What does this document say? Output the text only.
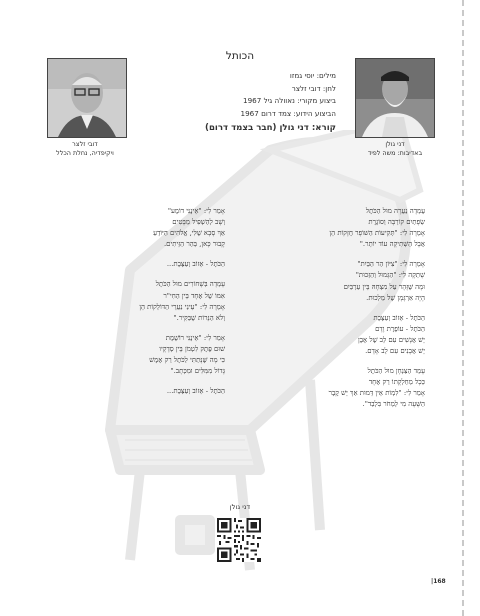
דובי זלצר
ויקיפדיה, נחלת הכלל
דני גולן
באדיבות: משה לפיד
הכותל
מילים: יוסי גמזו
לחן: דובי זלצר
ביצוע מקורי: נאוולה גיל 1967
הביצוע הידוע: צמד דרום 1967
קורא: דני גולן (חבר בצמד דרום)
עֲמְדָה נַעֲרָה מוּל הַכֹּתֶל
שְׂפָתַיִם קוֹרְבָּה וְסוֹגֶרֶת
אָמְרָה לִי: "תְּקִיעוֹת הַשּׁוֹפָר חֲזָקוֹת הֵן
אֲבָל הַשְּׁתִיקָה עוֹד יוֹתֵר."
אָמְרָה לִי: "צִיּוֹן הַר הַבַּיִת"
שָׁתְקָה לִי: "הַגָּמוּל וְהַזְּכוּת"
וּמָה שֶּׁזָּהָר עַל מִצְחָהּ בֵּין עַרְבַּיִם
הָיָה אַרְגָּמָן שֶׁל מַלְכוּת.
הַכֹּתֶל - אֵזוֹב וְעַצֶּבֶת
הַכֹּתֶל - עוֹפֶרֶת וָדָם
יֵשׁ אֲנָשִׁים עִם לֵב שֶׁל אֶבֶן
יֵשׁ אֲבָנִים עִם לֵב אָדָם.
עָמַד הַצַּנְחָן מוּל הַכֹּתֶל
כְּכָל מְחַלְקָתוֹ רַק אֶחָד
אָמַר לִי: "לִמְוֹת אֵין דֵּמוּת אַךְ יֵשׁ קֶבֶר
הַשָּׁעָה מִי לְמְחֹר בִּלְבַד".
אָמַר לִי: "אֵינֶנִּי דוֹמֶע"
וְשָׁב לְהַשְׁפִּיל מַבָּטִים
אַךְ סָבָא שֶׁלִּי, אֱלֹהִים הַיּוֹדֵעַ
קָבוּר כָּאן, בְּהַר הַזֵּיתִים.
הַכֹּתֶל - אֵזוֹב וְעַצֶּבֶת...
עָמְדָה בְּשָׁחוֹרִים מוּל הַכֹּתֶל
אִמּוֹ שֶׁל אֶחָד בֵּין הַחִי"ר
אָמְרָה לִי: "עֵינַי נַעֲרֵי הַדּוֹלְקוֹת הֵן
וְלֹא הַנֵּרוֹת שֶׁבַּקִּיר."
אָמַר לִי: "אֵינֶנִּי רוֹשֶׁמֶת
שׁוּם פֶּתֶק לִטְמֹן בֵּין סְדָקָיו
כִּי מָה שֶּׁנָּתַתִּי לַכֹּתֶל רַק אֶמֶשׁ
גָּדוֹל מִמִּלִּים וּמִכְּתָב."
הַכֹּתֶל - אֵזוֹב וְעַצֶּבֶת...
דני גולן
|168
